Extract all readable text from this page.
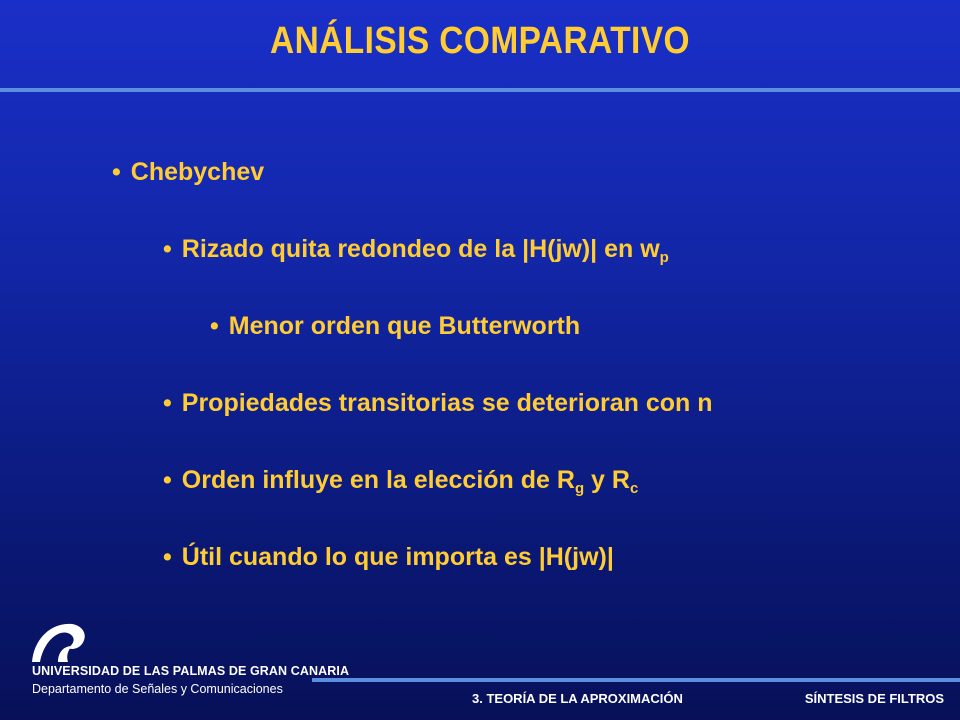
ANÁLISIS COMPARATIVO
• Chebychev
• Rizado quita redondeo de la |H(jw)| en $w_p$
• Menor orden que Butterworth
• Propiedades transitorias se deterioran con n
• Orden influye en la elección de $R_g$ y $R_c$
• Útil cuando lo que importa es |H(jw)|
UNIVERSIDAD DE LAS PALMAS DE GRAN CANARIA
Departamento de Señales y Comunicaciones
3. TEORÍA DE LA APROXIMACIÓN	SÍNTESIS DE FILTROS
